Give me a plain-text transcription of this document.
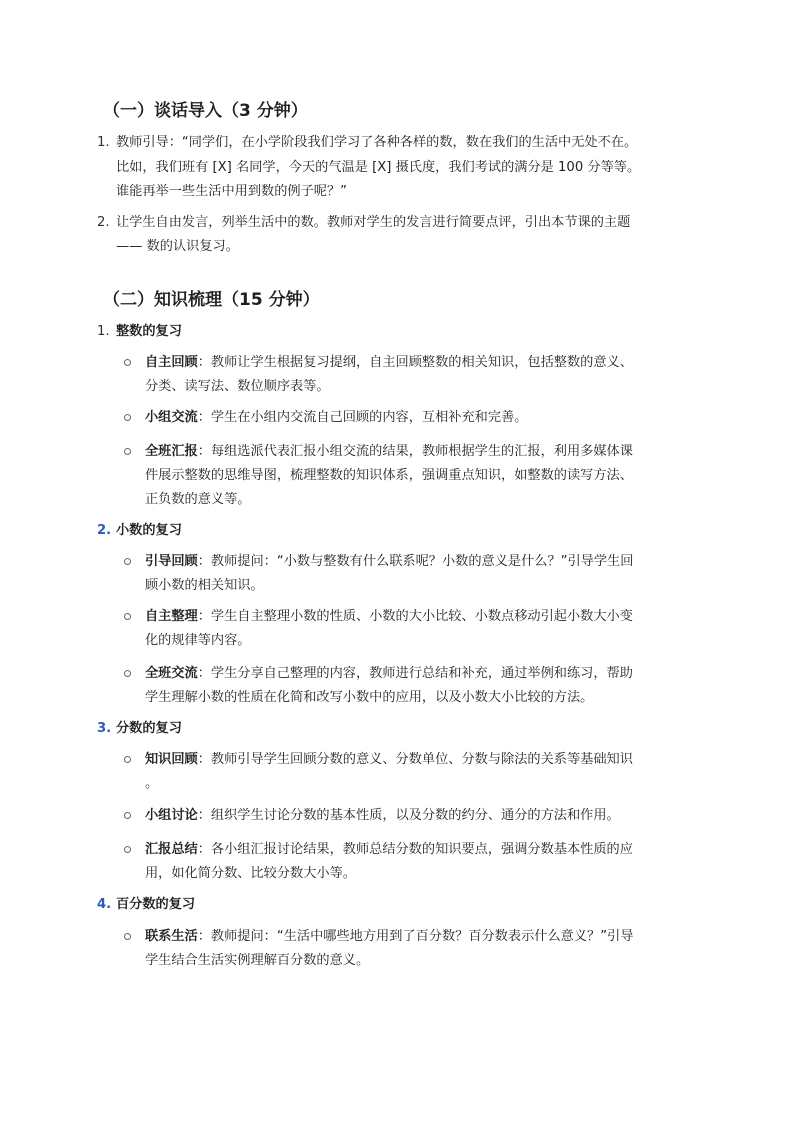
（一）谈话导入（3 分钟）
1. 教师引导：“同学们，在小学阶段我们学习了各种各样的数，数在我们的生活中无处不在。
比如，我们班有 [X] 名同学，今天的气温是 [X] 摄氏度，我们考试的满分是 100 分等等。
谁能再举一些生活中用到数的例子呢？”
2. 让学生自由发言，列举生活中的数。教师对学生的发言进行简要点评，引出本节课的主题
—— 数的认识复习。
（二）知识梳理（15 分钟）
1. 整数的复习
自主回顾：教师让学生根据复习提纲，自主回顾整数的相关知识，包括整数的意义、
分类、读写法、数位顺序表等。
小组交流：学生在小组内交流自己回顾的内容，互相补充和完善。
全班汇报：每组选派代表汇报小组交流的结果，教师根据学生的汇报，利用多媒体课
件展示整数的思维导图，梳理整数的知识体系，强调重点知识，如整数的读写方法、
正负数的意义等。
2. 小数的复习
引导回顾：教师提问：“小数与整数有什么联系呢？小数的意义是什么？”引导学生回
顾小数的相关知识。
自主整理：学生自主整理小数的性质、小数的大小比较、小数点移动引起小数大小变
化的规律等内容。
全班交流：学生分享自己整理的内容，教师进行总结和补充，通过举例和练习，帮助
学生理解小数的性质在化简和改写小数中的应用，以及小数大小比较的方法。
3. 分数的复习
知识回顾：教师引导学生回顾分数的意义、分数单位、分数与除法的关系等基础知识
。
小组讨论：组织学生讨论分数的基本性质，以及分数的约分、通分的方法和作用。
汇报总结：各小组汇报讨论结果，教师总结分数的知识要点，强调分数基本性质的应
用，如化简分数、比较分数大小等。
4. 百分数的复习
联系生活：教师提问：“生活中哪些地方用到了百分数？百分数表示什么意义？”引导
学生结合生活实例理解百分数的意义。
